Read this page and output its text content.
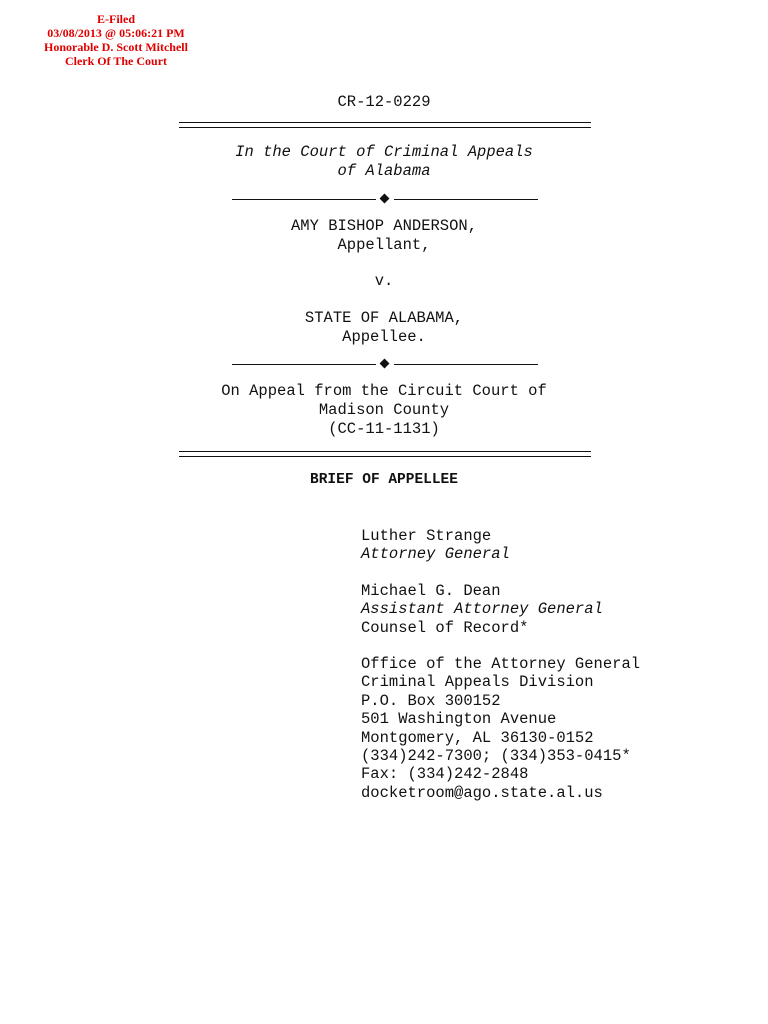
E-Filed
03/08/2013 @ 05:06:21 PM
Honorable D. Scott Mitchell
Clerk Of The Court
CR-12-0229
In the Court of Criminal Appeals
of Alabama
AMY BISHOP ANDERSON,
Appellant,
v.
STATE OF ALABAMA,
Appellee.
On Appeal from the Circuit Court of
Madison County
(CC-11-1131)
BRIEF OF APPELLEE
Luther Strange
Attorney General
Michael G. Dean
Assistant Attorney General
Counsel of Record*
Office of the Attorney General
Criminal Appeals Division
P.O. Box 300152
501 Washington Avenue
Montgomery, AL 36130-0152
(334)242-7300; (334)353-0415*
Fax: (334)242-2848
docketroom@ago.state.al.us
